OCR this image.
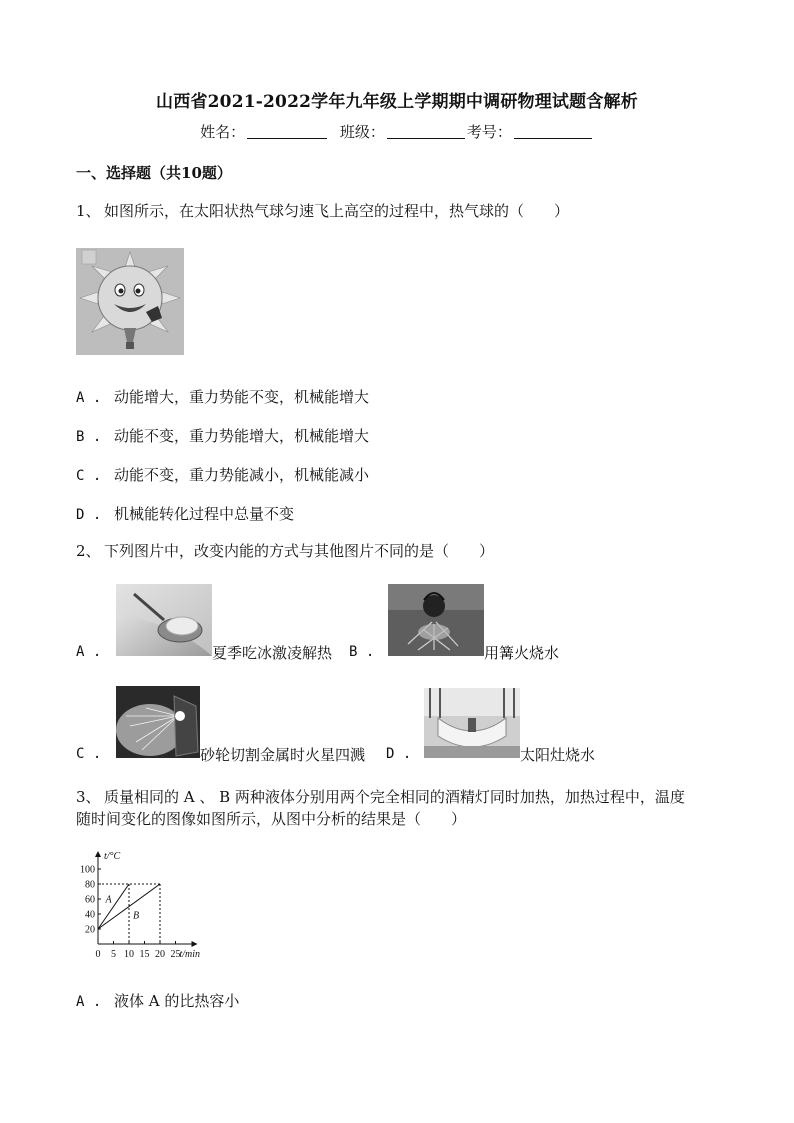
山西省2021-2022学年九年级上学期期中调研物理试题含解析
姓名：	班级：	考号：
一、选择题（共10题）
1、 如图所示，在太阳状热气球匀速飞上高空的过程中，热气球的（　　）
A . 动能增大，重力势能不变，机械能增大
B . 动能不变，重力势能增大，机械能增大
C . 动能不变，重力势能减小，机械能减小
D . 机械能转化过程中总量不变
2、 下列图片中，改变内能的方式与其他图片不同的是（　　）
A .	夏季吃冰激凌解热 B .	用篝火烧水
C .	砂轮切割金属时火星四溅 D .	太阳灶烧水
3、 质量相同的 A 、 B 两种液体分别用两个完全相同的酒精灯同时加热，加热过程中，温度
随时间变化的图像如图所示，从图中分析的结果是（　　）
t/°C
t/min
0 5 10 15 20 25
20
40
60
80
100
A
B
A . 液体 A 的比热容小
